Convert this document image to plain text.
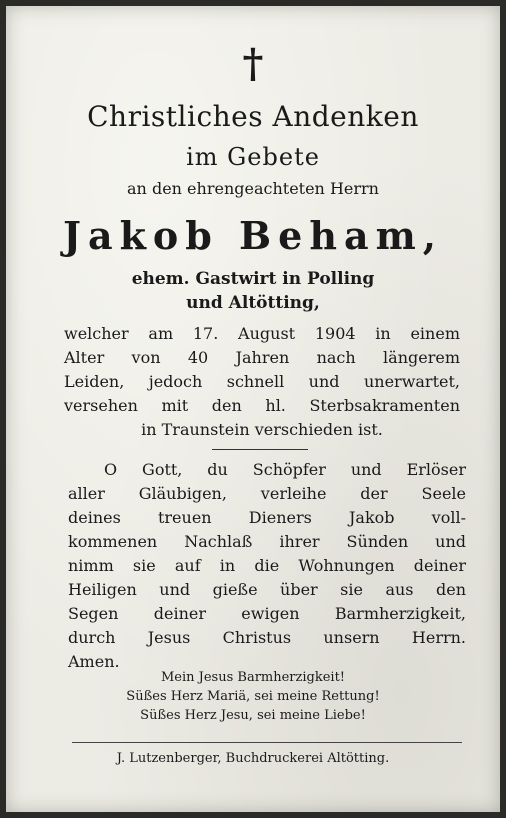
†
Christliches Andenken
im Gebete
an den ehrengeachteten Herrn
Jakob Beham,
ehem. Gastwirt in Polling
und Altötting,
welcher am 17. August 1904 in einem
Alter von 40 Jahren nach längerem
Leiden, jedoch schnell und unerwartet,
versehen mit den hl. Sterbsakramenten
in Traunstein verschieden ist.
O Gott, du Schöpfer und Erlöser
aller Gläubigen, verleihe der Seele
deines treuen Dieners Jakob voll-
kommenen Nachlaß ihrer Sünden und
nimm sie auf in die Wohnungen deiner
Heiligen und gieße über sie aus den
Segen deiner ewigen Barmherzigkeit,
durch Jesus Christus unsern Herrn.
Amen.
Mein Jesus Barmherzigkeit!
Süßes Herz Mariä, sei meine Rettung!
Süßes Herz Jesu, sei meine Liebe!
J. Lutzenberger, Buchdruckerei Altötting.
